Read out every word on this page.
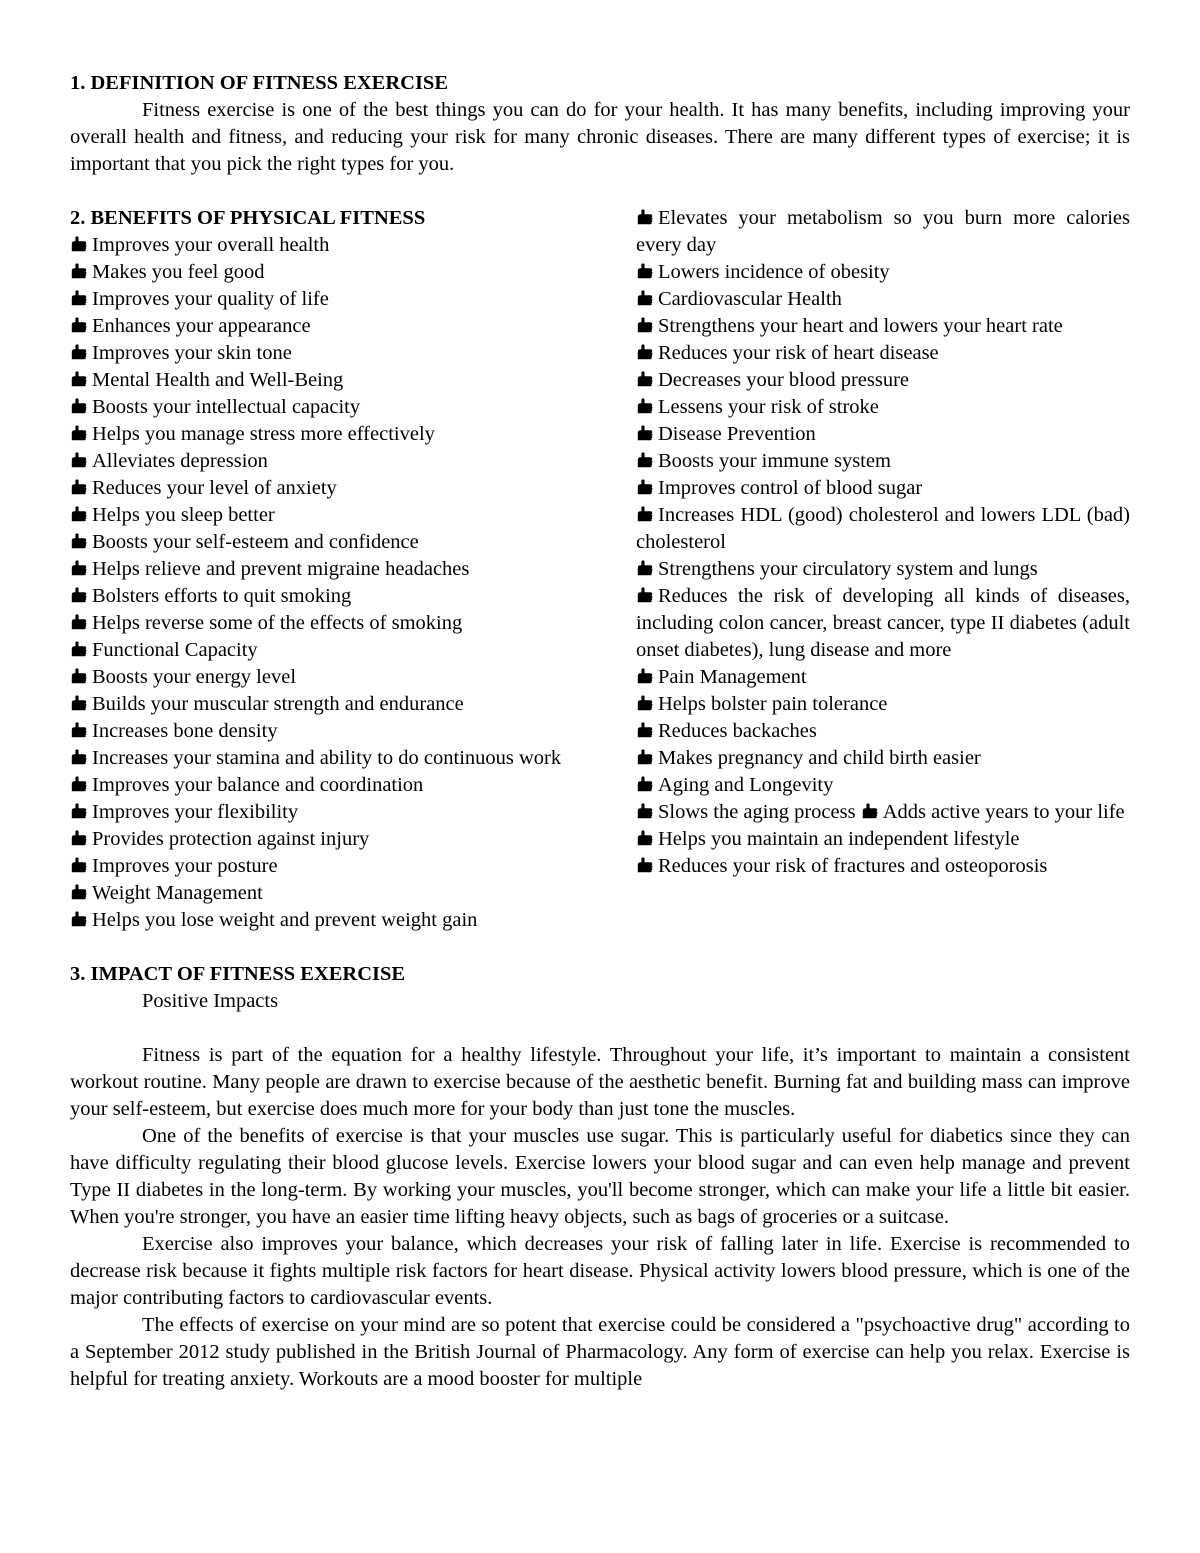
1. DEFINITION OF FITNESS EXERCISE

Fitness exercise is one of the best things you can do for your health. It has many benefits, including improving your overall health and fitness, and reducing your risk for many chronic diseases. There are many different types of exercise; it is important that you pick the right types for you.

2. BENEFITS OF PHYSICAL FITNESS
Improves your overall health
Makes you feel good
Improves your quality of life
Enhances your appearance
Improves your skin tone
Mental Health and Well-Being
Boosts your intellectual capacity
Helps you manage stress more effectively
Alleviates depression
Reduces your level of anxiety
Helps you sleep better
Boosts your self-esteem and confidence
Helps relieve and prevent migraine headaches
Bolsters efforts to quit smoking
Helps reverse some of the effects of smoking
Functional Capacity
Boosts your energy level
Builds your muscular strength and endurance
Increases bone density
Increases your stamina and ability to do continuous work
Improves your balance and coordination
Improves your flexibility
Provides protection against injury
Improves your posture
Weight Management
Helps you lose weight and prevent weight gain
Elevates your metabolism so you burn more calories every day
Lowers incidence of obesity
Cardiovascular Health
Strengthens your heart and lowers your heart rate
Reduces your risk of heart disease
Decreases your blood pressure
Lessens your risk of stroke
Disease Prevention
Boosts your immune system
Improves control of blood sugar
Increases HDL (good) cholesterol and lowers LDL (bad) cholesterol
Strengthens your circulatory system and lungs
Reduces the risk of developing all kinds of diseases, including colon cancer, breast cancer, type II diabetes (adult onset diabetes), lung disease and more
Pain Management
Helps bolster pain tolerance
Reduces backaches
Makes pregnancy and child birth easier
Aging and Longevity
Slows the aging process Adds active years to your life
Helps you maintain an independent lifestyle
Reduces your risk of fractures and osteoporosis
3. IMPACT OF FITNESS EXERCISE

Positive Impacts

Fitness is part of the equation for a healthy lifestyle. Throughout your life, it’s important to maintain a consistent workout routine. Many people are drawn to exercise because of the aesthetic benefit. Burning fat and building mass can improve your self-esteem, but exercise does much more for your body than just tone the muscles.

One of the benefits of exercise is that your muscles use sugar. This is particularly useful for diabetics since they can have difficulty regulating their blood glucose levels. Exercise lowers your blood sugar and can even help manage and prevent Type II diabetes in the long-term. By working your muscles, you'll become stronger, which can make your life a little bit easier. When you're stronger, you have an easier time lifting heavy objects, such as bags of groceries or a suitcase.

Exercise also improves your balance, which decreases your risk of falling later in life. Exercise is recommended to decrease risk because it fights multiple risk factors for heart disease. Physical activity lowers blood pressure, which is one of the major contributing factors to cardiovascular events.

The effects of exercise on your mind are so potent that exercise could be considered a "psychoactive drug" according to a September 2012 study published in the British Journal of Pharmacology. Any form of exercise can help you relax. Exercise is helpful for treating anxiety. Workouts are a mood booster for multiple
